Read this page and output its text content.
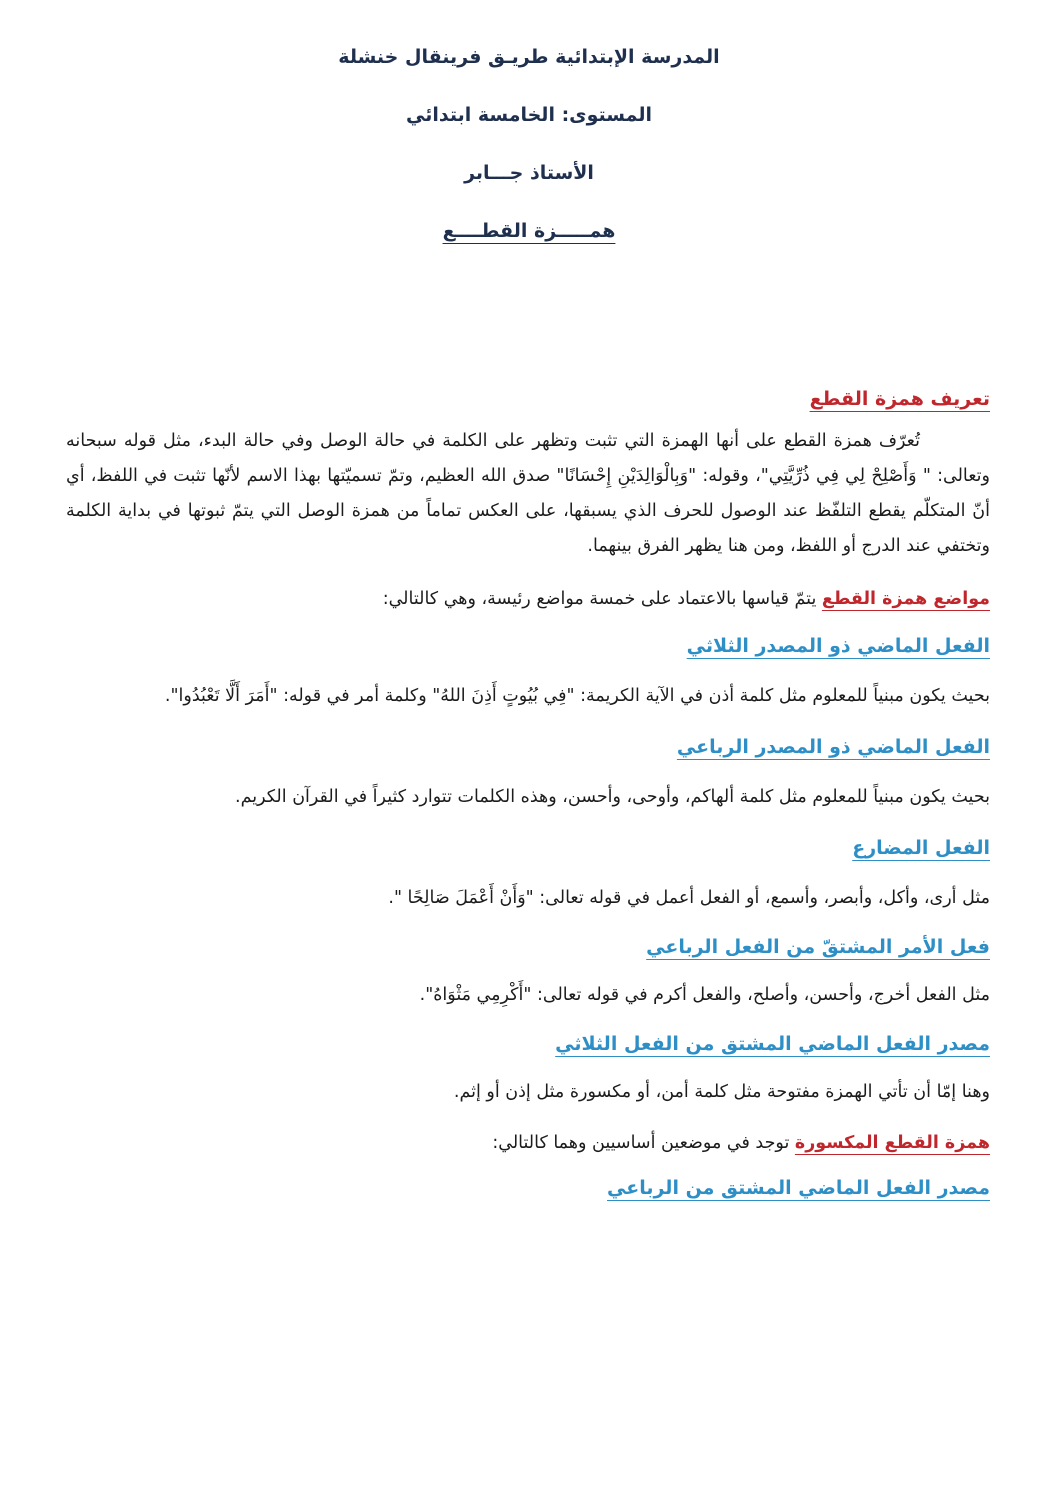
المدرسة الإبتدائية طريـق فرينقال خنشلة

المستوى: الخامسة ابتدائي

الأستاذ جـــابر

همـــــزة القطــــع

تعريف همزة القطع

تُعرّف همزة القطع على أنها الهمزة التي تثبت وتظهر على الكلمة في حالة الوصل وفي حالة البدء، مثل قوله سبحانه وتعالى: " وَأَصْلِحْ لِي فِي ذُرِّيَّتِي"، وقوله: "وَبِالْوَالِدَيْنِ إِحْسَانًا" صدق الله العظيم، وتمّ تسميّتها بهذا الاسم لأنّها تثبت في اللفظ، أي أنّ المتكلّم يقطع التلفّظ عند الوصول للحرف الذي يسبقها، على العكس تماماً من همزة الوصل التي يتمّ ثبوتها في بداية الكلمة وتختفي عند الدرج أو اللفظ، ومن هنا يظهر الفرق بينهما.

مواضع همزة القطع يتمّ قياسها بالاعتماد على خمسة مواضع رئيسة، وهي كالتالي:

الفعل الماضي ذو المصدر الثلاثي

بحيث يكون مبنياً للمعلوم مثل كلمة أذن في الآية الكريمة: "فِي بُيُوتٍ أَذِنَ اللهُ" وكلمة أمر في قوله: "أَمَرَ أَلَّا تَعْبُدُوا".

الفعل الماضي ذو المصدر الرباعي

بحيث يكون مبنياً للمعلوم مثل كلمة ألهاكم، وأوحى، وأحسن، وهذه الكلمات تتوارد كثيراً في القرآن الكريم.

الفعل المضارع

مثل أرى، وأكل، وأبصر، وأسمع، أو الفعل أعمل في قوله تعالى: "وَأَنْ أَعْمَلَ صَالِحًا ".

فعل الأمر المشتقّ من الفعل الرباعي

مثل الفعل أخرج، وأحسن، وأصلح، والفعل أكرم في قوله تعالى: "أَكْرِمِي مَثْوَاهُ".

مصدر الفعل الماضي المشتق من الفعل الثلاثي

وهنا إمّا أن تأتي الهمزة مفتوحة مثل كلمة أمن، أو مكسورة مثل إذن أو إثم.

همزة القطع المكسورة توجد في موضعين أساسيين وهما كالتالي:

مصدر الفعل الماضي المشتق من الرباعي
